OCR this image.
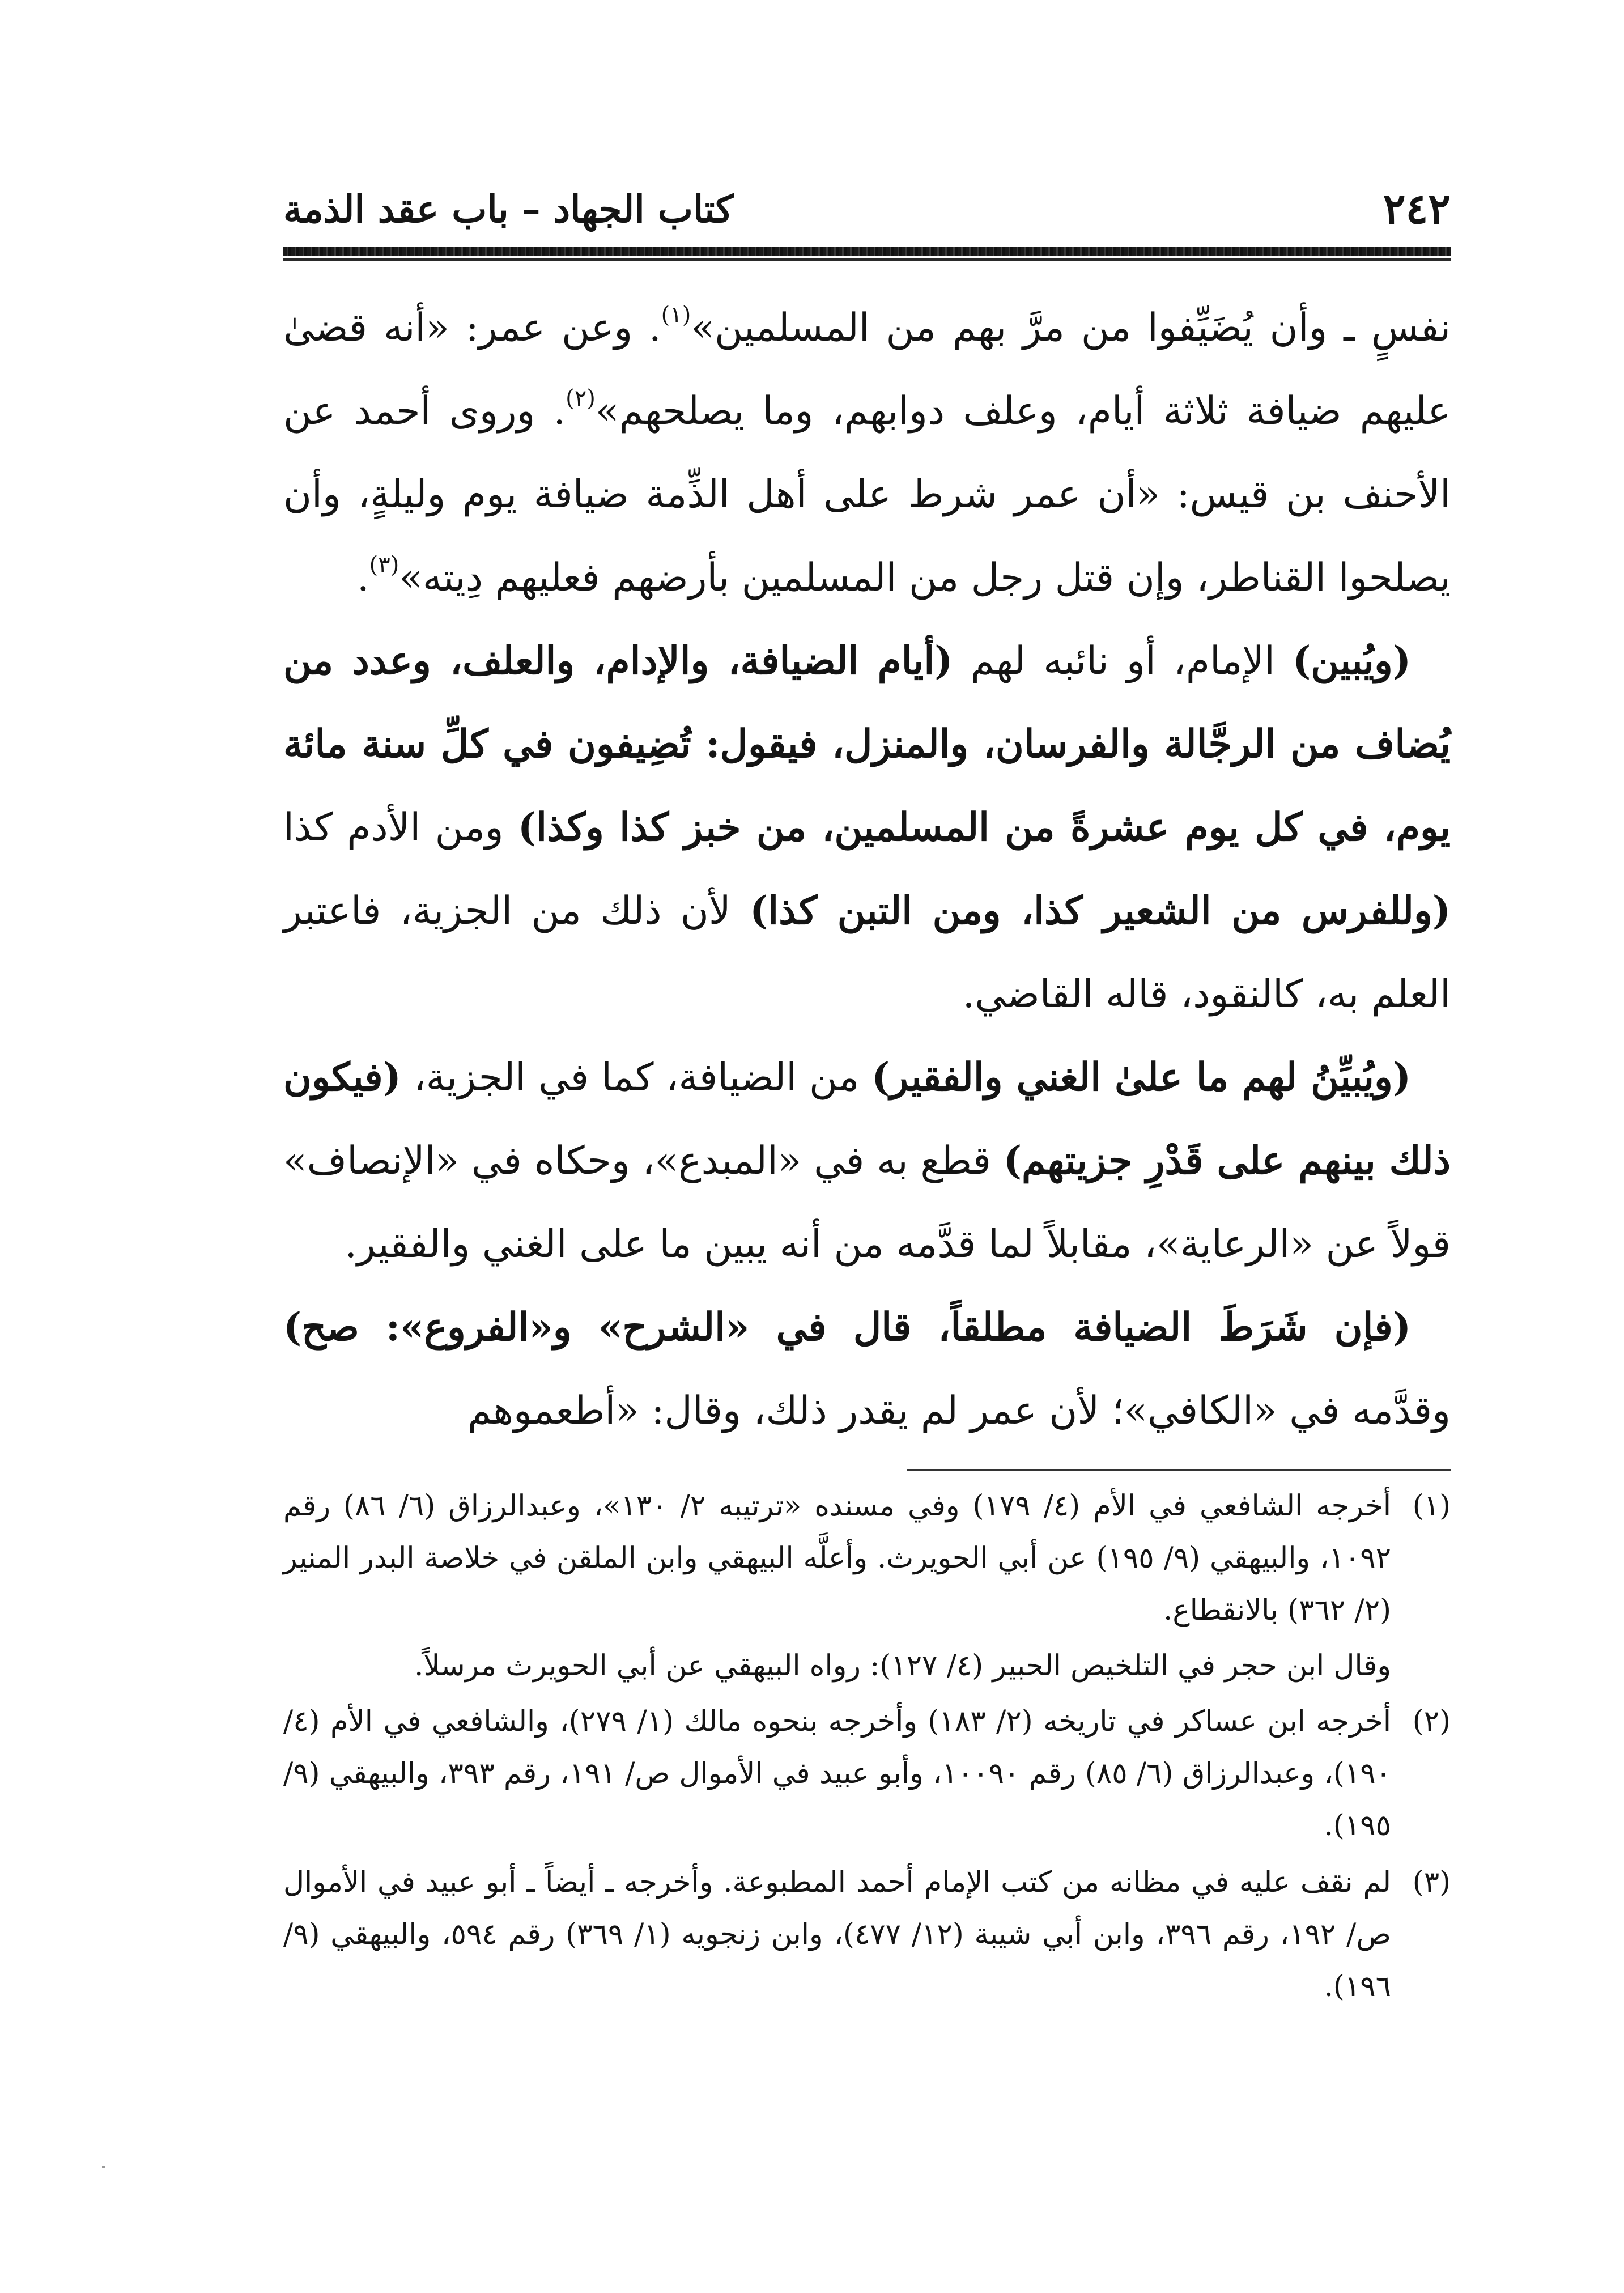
٢٤٢
كتاب الجهاد – باب عقد الذمة

نفسٍ ـ وأن يُضَيِّفوا من مرَّ بهم من المسلمين»$^{(١)}$. وعن عمر: «أنه قضىٰ عليهم ضيافة ثلاثة أيام، وعلف دوابهم، وما يصلحهم»$^{(٢)}$. وروى أحمد عن الأحنف بن قيس: «أن عمر شرط على أهل الذِّمة ضيافة يوم وليلةٍ، وأن يصلحوا القناطر، وإن قتل رجل من المسلمين بأرضهم فعليهم دِيته»$^{(٣)}$.

(ويُبين) الإمام، أو نائبه لهم (أيام الضيافة، والإدام، والعلف، وعدد من يُضاف من الرجَّالة والفرسان، والمنزل، فيقول: تُضِيفون في كلِّ سنة مائة يوم، في كل يوم عشرةً من المسلمين، من خبز كذا وكذا) ومن الأدم كذا (وللفرس من الشعير كذا، ومن التبن كذا) لأن ذلك من الجزية، فاعتبر العلم به، كالنقود، قاله القاضي.

(ويُبيِّنُ لهم ما علىٰ الغني والفقير) من الضيافة، كما في الجزية، (فيكون ذلك بينهم على قَدْرِ جزيتهم) قطع به في «المبدع»، وحكاه في «الإنصاف» قولاً عن «الرعاية»، مقابلاً لما قدَّمه من أنه يبين ما على الغني والفقير.

(فإن شَرَطَ الضيافة مطلقاً، قال في «الشرح» و«الفروع»: صح) وقدَّمه في «الكافي»؛ لأن عمر لم يقدر ذلك، وقال: «أطعموهم

(١)

أخرجه الشافعي في الأم (٤/ ١٧٩) وفي مسنده «ترتيبه ٢/ ١٣٠»، وعبدالرزاق (٦/ ٨٦) رقم ١٠٩٢، والبيهقي (٩/ ١٩٥) عن أبي الحويرث. وأعلَّه البيهقي وابن الملقن في خلاصة البدر المنير (٢/ ٣٦٢) بالانقطاع.

وقال ابن حجر في التلخيص الحبير (٤/ ١٢٧): رواه البيهقي عن أبي الحويرث مرسلاً.

(٢)

أخرجه ابن عساكر في تاريخه (٢/ ١٨٣) وأخرجه بنحوه مالك (١/ ٢٧٩)، والشافعي في الأم (٤/ ١٩٠)، وعبدالرزاق (٦/ ٨٥) رقم ١٠٠٩٠، وأبو عبيد في الأموال ص/ ١٩١، رقم ٣٩٣، والبيهقي (٩/ ١٩٥).

(٣)

لم نقف عليه في مظانه من كتب الإمام أحمد المطبوعة. وأخرجه ـ أيضاً ـ أبو عبيد في الأموال ص/ ١٩٢، رقم ٣٩٦، وابن أبي شيبة (١٢/ ٤٧٧)، وابن زنجويه (١/ ٣٦٩) رقم ٥٩٤، والبيهقي (٩/ ١٩٦).
